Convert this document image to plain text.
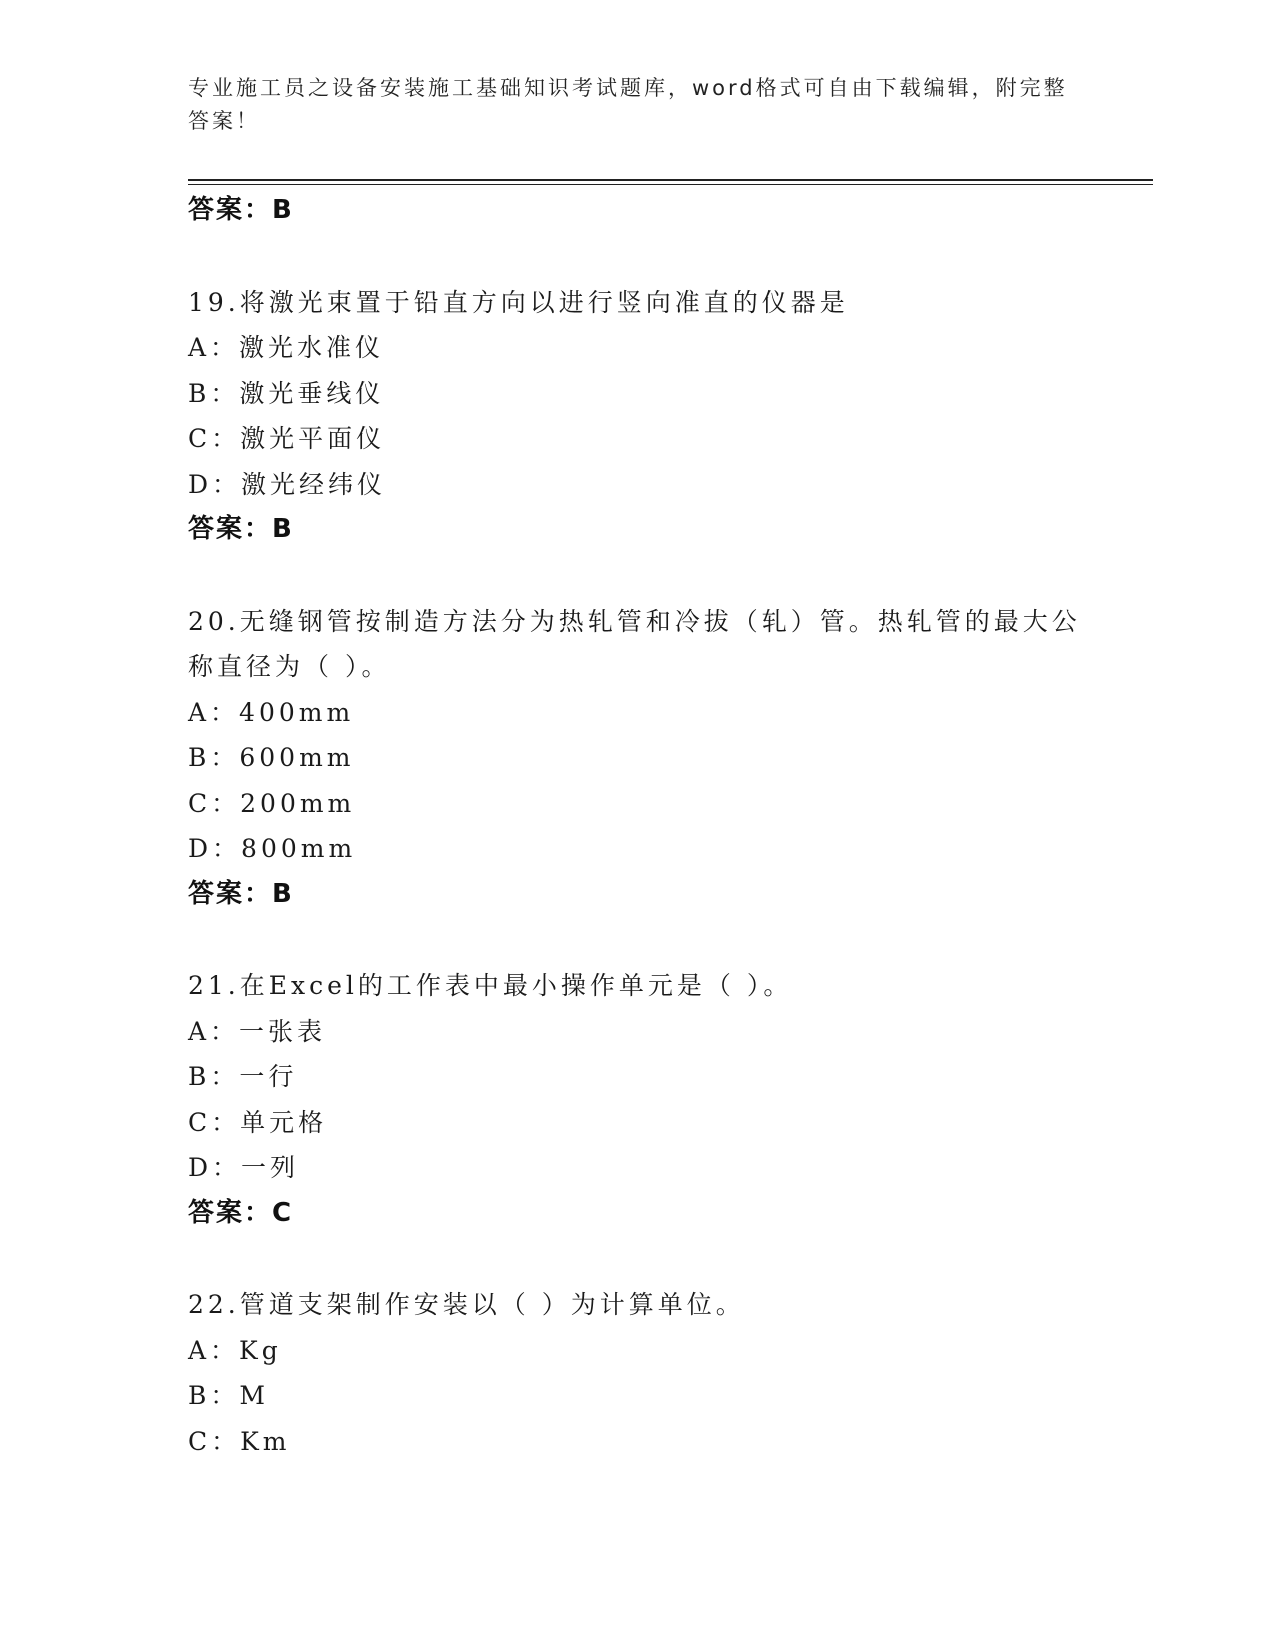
专业施工员之设备安装施工基础知识考试题库，word格式可自由下载编辑，附完整答案！
答案：B
19.将激光束置于铅直方向以进行竖向准直的仪器是
A：激光水准仪
B：激光垂线仪
C：激光平面仪
D：激光经纬仪
答案：B
20.无缝钢管按制造方法分为热轧管和冷拔（轧）管。热轧管的最大公
称直径为（ ）。
A：400mm
B：600mm
C：200mm
D：800mm
答案：B
21.在Excel的工作表中最小操作单元是（ ）。
A：一张表
B：一行
C：单元格
D：一列
答案：C
22.管道支架制作安装以（ ）为计算单位。
A：Kg
B：M
C：Km
